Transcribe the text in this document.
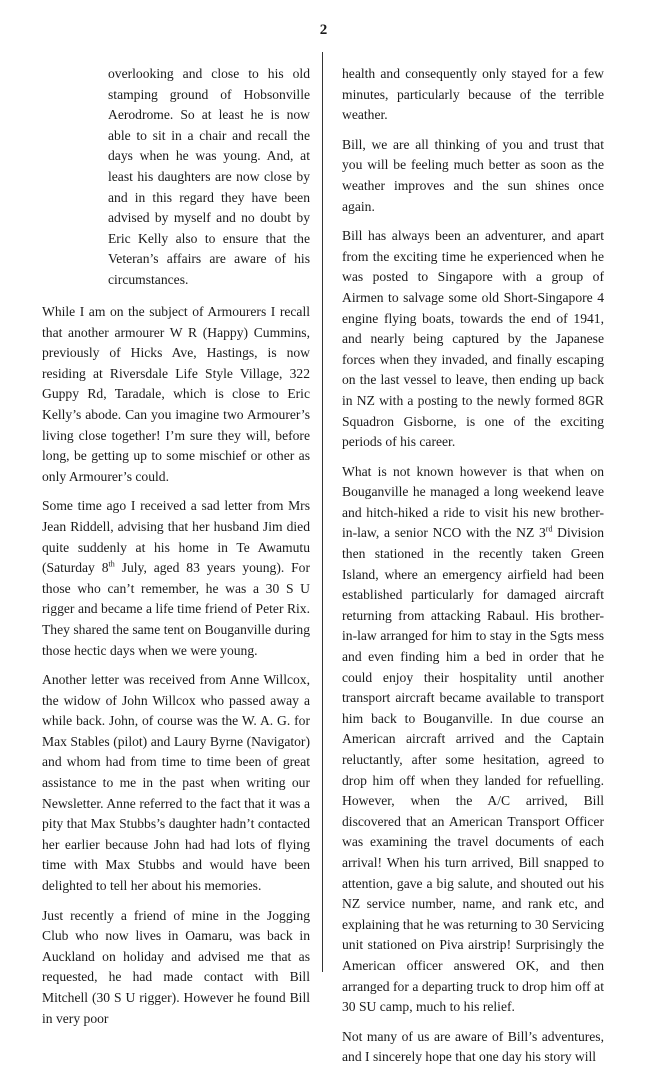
2

overlooking and close to his old stamping ground of Hobsonville Aerodrome. So at least he is now able to sit in a chair and recall the days when he was young. And, at least his daughters are now close by and in this regard they have been advised by myself and no doubt by Eric Kelly also to ensure that the Veteran’s affairs are aware of his circumstances.

While I am on the subject of Armourers I recall that another armourer W R (Happy) Cummins, previously of Hicks Ave, Hastings, is now residing at Riversdale Life Style Village, 322 Guppy Rd, Taradale, which is close to Eric Kelly’s abode. Can you imagine two Armourer’s living close together! I’m sure they will, before long, be getting up to some mischief or other as only Armourer’s could.

Some time ago I received a sad letter from Mrs Jean Riddell, advising that her husband Jim died quite suddenly at his home in Te Awamutu (Saturday 8th July, aged 83 years young). For those who can’t remember, he was a 30 S U rigger and became a life time friend of Peter Rix. They shared the same tent on Bouganville during those hectic days when we were young.

Another letter was received from Anne Willcox, the widow of John Willcox who passed away a while back. John, of course was the W. A. G. for Max Stables (pilot) and Laury Byrne (Navigator) and whom had from time to time been of great assistance to me in the past when writing our Newsletter. Anne referred to the fact that it was a pity that Max Stubbs’s daughter hadn’t contacted her earlier because John had had lots of flying time with Max Stubbs and would have been delighted to tell her about his memories.

Just recently a friend of mine in the Jogging Club who now lives in Oamaru, was back in Auckland on holiday and advised me that as requested, he had made contact with Bill Mitchell (30 S U rigger). However he found Bill in very poor

health and consequently only stayed for a few minutes, particularly because of the terrible weather.

Bill, we are all thinking of you and trust that you will be feeling much better as soon as the weather improves and the sun shines once again.

Bill has always been an adventurer, and apart from the exciting time he experienced when he was posted to Singapore with a group of Airmen to salvage some old Short-Singapore 4 engine flying boats, towards the end of 1941, and nearly being captured by the Japanese forces when they invaded, and finally escaping on the last vessel to leave, then ending up back in NZ with a posting to the newly formed 8GR Squadron Gisborne, is one of the exciting periods of his career.

What is not known however is that when on Bouganville he managed a long weekend leave and hitch-hiked a ride to visit his new brother-in-law, a senior NCO with the NZ 3rd Division then stationed in the recently taken Green Island, where an emergency airfield had been established particularly for damaged aircraft returning from attacking Rabaul. His brother-in-law arranged for him to stay in the Sgts mess and even finding him a bed in order that he could enjoy their hospitality until another transport aircraft became available to transport him back to Bouganville. In due course an American aircraft arrived and the Captain reluctantly, after some hesitation, agreed to drop him off when they landed for refuelling. However, when the A/C arrived, Bill discovered that an American Transport Officer was examining the travel documents of each arrival! When his turn arrived, Bill snapped to attention, gave a big salute, and shouted out his NZ service number, name, and rank etc, and explaining that he was returning to 30 Servicing unit stationed on Piva airstrip! Surprisingly the American officer answered OK, and then arranged for a departing truck to drop him off at 30 SU camp, much to his relief.

Not many of us are aware of Bill’s adventures, and I sincerely hope that one day his story will
